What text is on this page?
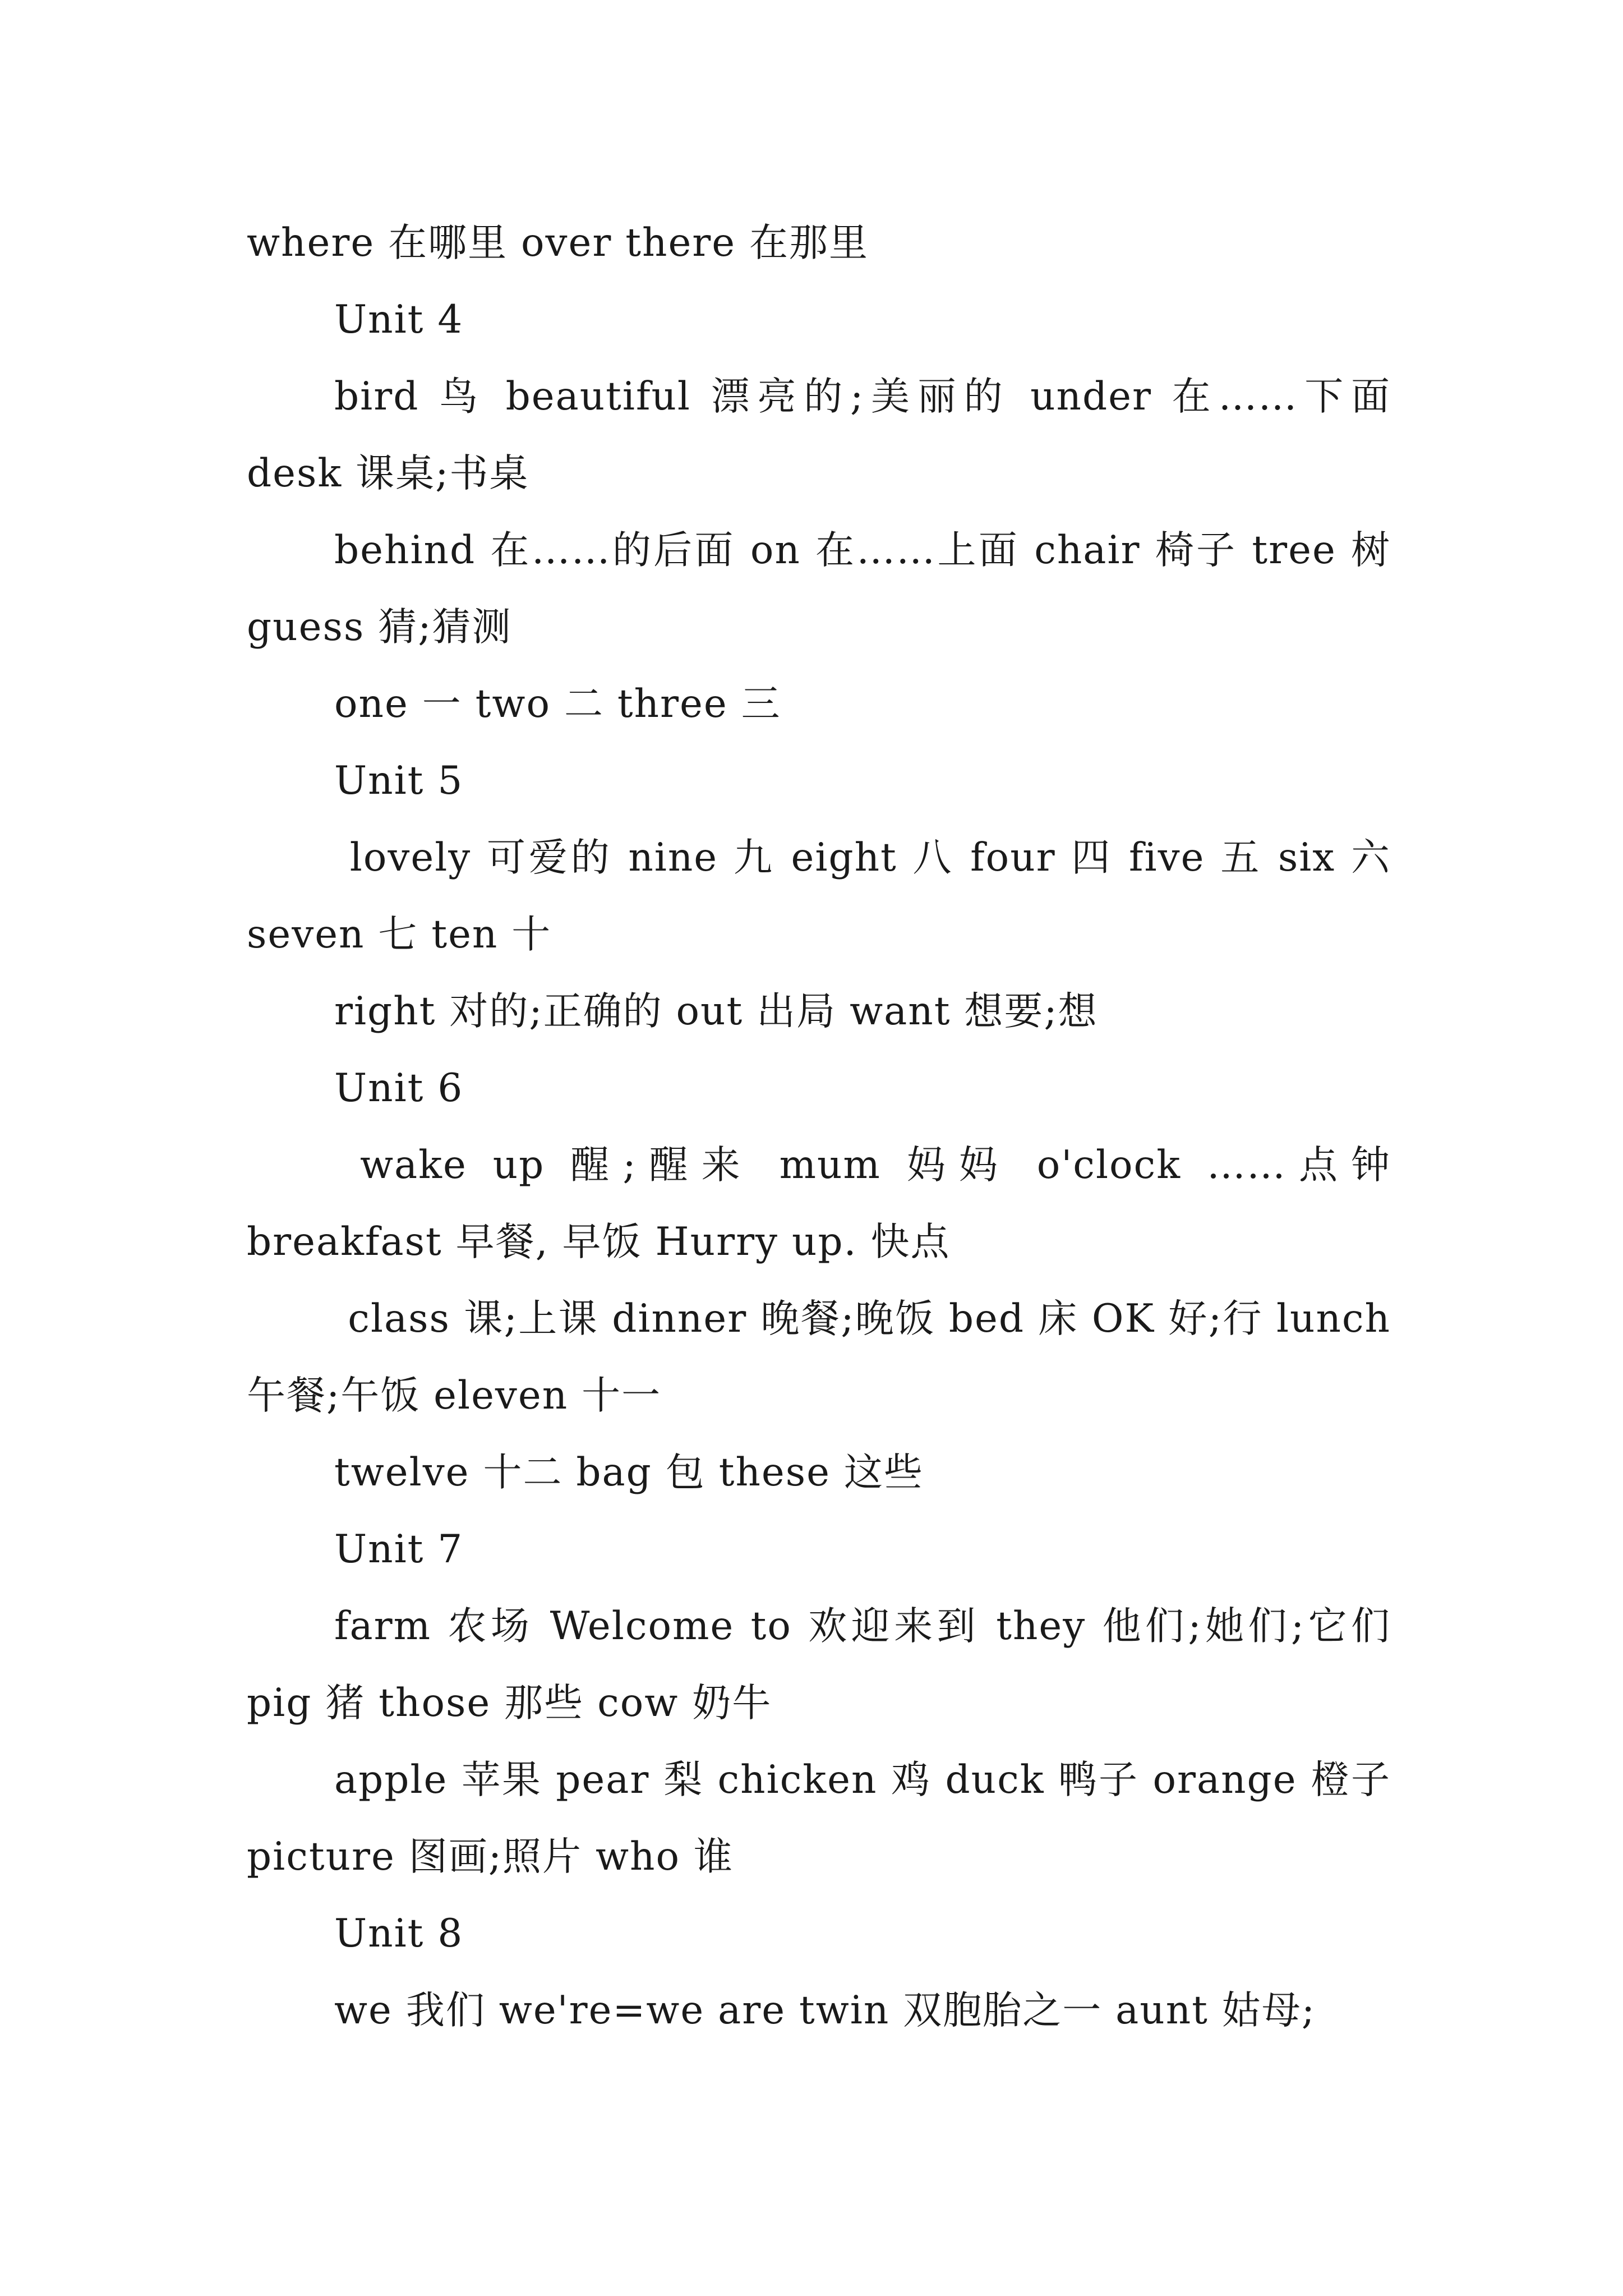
where 在哪里 over there 在那里

Unit 4

bird 鸟 beautiful 漂亮的;美丽的 under 在……下面 desk 课桌;书桌

behind 在……的后面 on 在……上面 chair 椅子 tree 树 guess 猜;猜测

one 一 two 二 three 三

Unit 5

lovely 可爱的 nine 九 eight 八 four 四 five 五 six 六 seven 七 ten 十

right 对的;正确的 out 出局 want 想要;想

Unit 6

wake up 醒;醒来 mum 妈妈 o'clock ……点钟 breakfast 早餐, 早饭 Hurry up. 快点

class 课;上课 dinner 晚餐;晚饭 bed 床 OK 好;行 lunch 午餐;午饭 eleven 十一

twelve 十二 bag 包 these 这些

Unit 7

farm 农场 Welcome to 欢迎来到 they 他们;她们;它们 pig 猪 those 那些 cow 奶牛

apple 苹果 pear 梨 chicken 鸡 duck 鸭子 orange 橙子 picture 图画;照片 who 谁

Unit 8

we 我们 we're=we are twin 双胞胎之一 aunt 姑母;
